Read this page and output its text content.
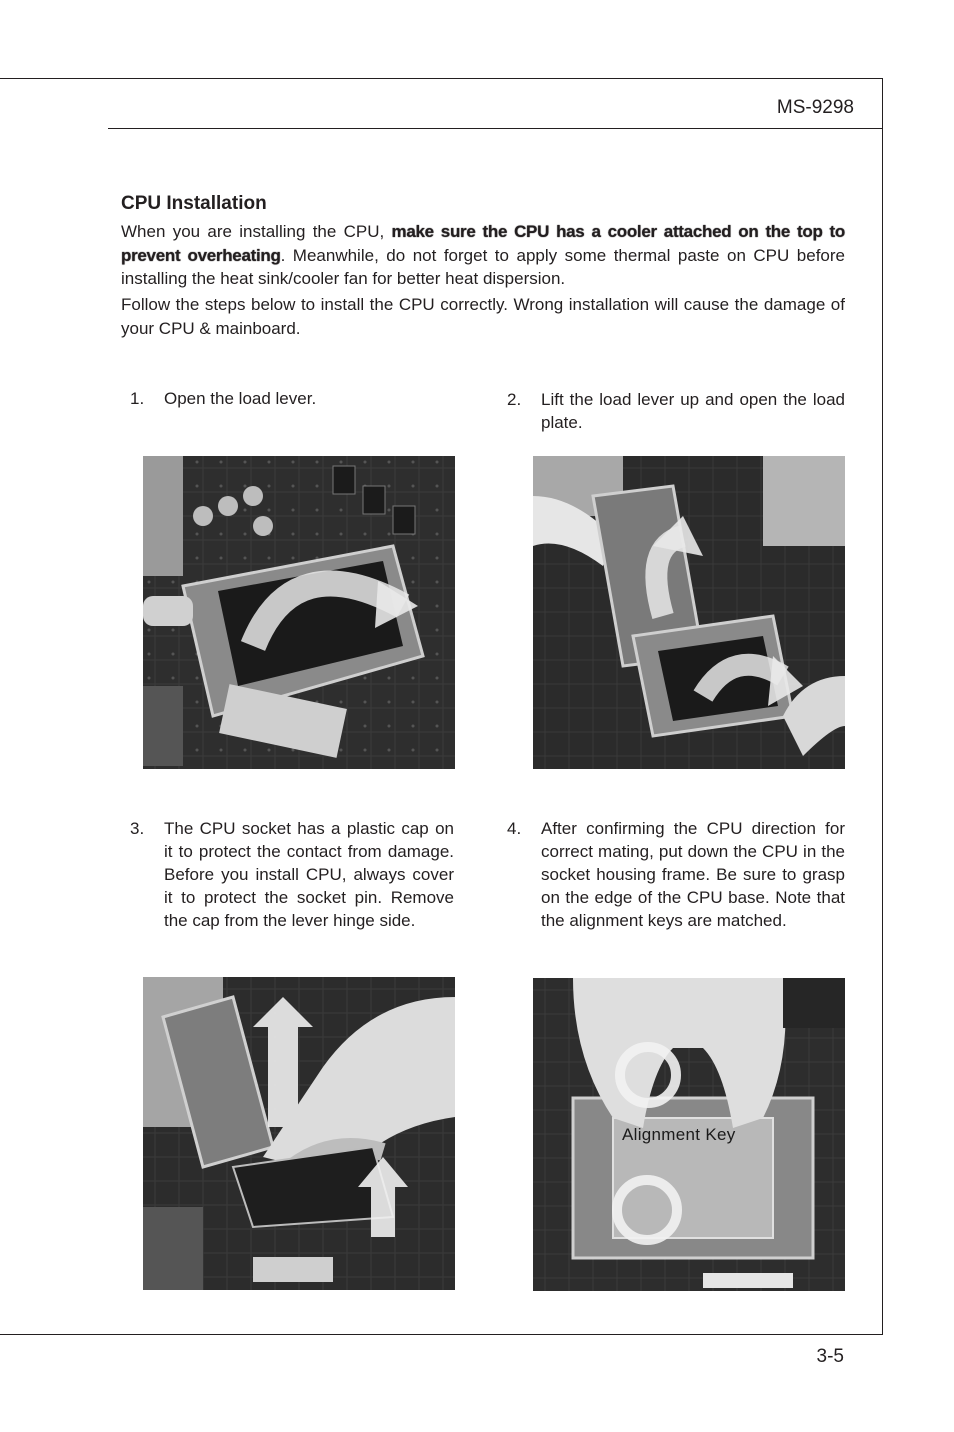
MS-9298
CPU Installation

When you are installing the CPU, make sure the CPU has a cooler attached on the top to prevent overheating. Meanwhile, do not forget to apply some thermal paste on CPU before installing the heat sink/cooler fan for better heat dispersion.

Follow the steps below to install the CPU correctly. Wrong installation will cause the damage of your CPU & mainboard.

1.	Open the load lever.	2.	Lift the load lever up and open the load plate.
3.	The CPU socket has a plastic cap on it to protect the contact from damage. Before you install CPU, always cover it to protect the socket pin. Remove the cap from the lever hinge side.
4.	After confirming the CPU direction for correct mating, put down the CPU in the socket housing frame. Be sure to grasp on the edge of the CPU base. Note that the alignment keys are matched.
Alignment Key
3-5
